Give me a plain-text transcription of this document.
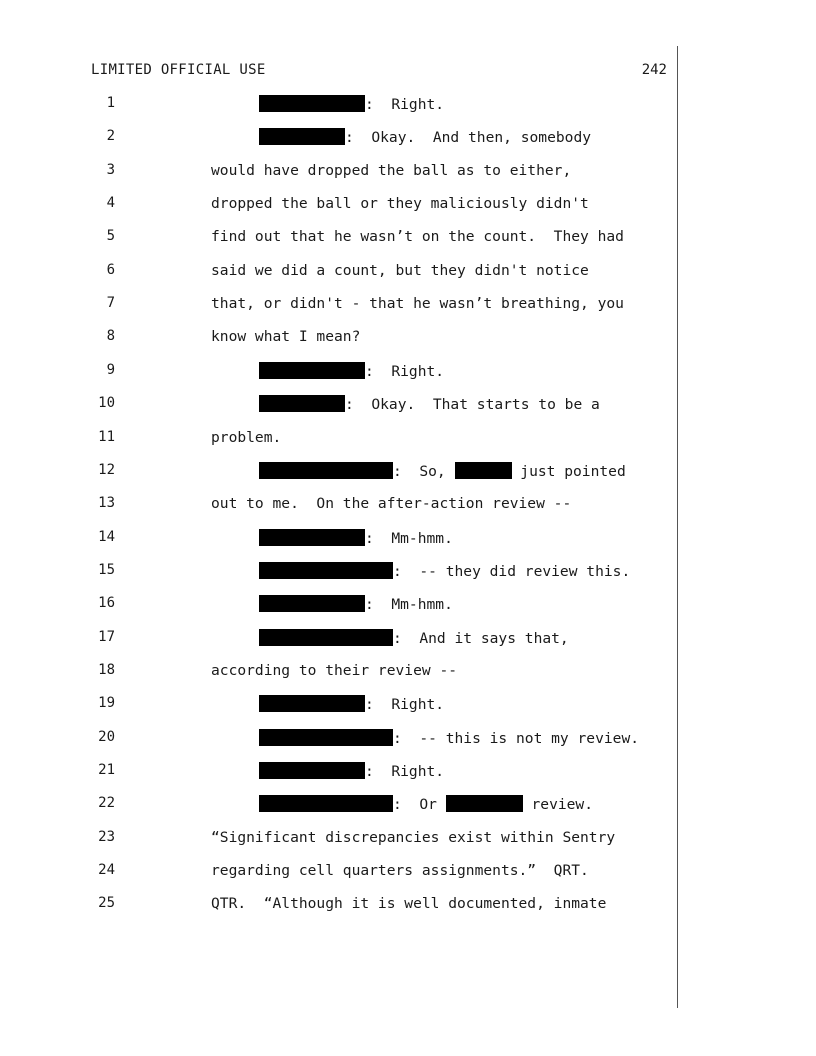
LIMITED OFFICIAL USE	242
1	:  Right.
2	:  Okay.  And then, somebody
3	would have dropped the ball as to either,
4	dropped the ball or they maliciously didn't
5	find out that he wasn’t on the count.  They had
6	said we did a count, but they didn't notice
7	that, or didn't - that he wasn’t breathing, you
8	know what I mean?
9	:  Right.
10	:  Okay.  That starts to be a
11	problem.
12	:  So,	just pointed
13	out to me.  On the after-action review --
14	:  Mm-hmm.
15	:  -- they did review this.
16	:  Mm-hmm.
17	:  And it says that,
18	according to their review --
19	:  Right.
20	:  -- this is not my review.
21	:  Right.
22	:  Or	review.
23	“Significant discrepancies exist within Sentry
24	regarding cell quarters assignments.”  QRT.
25	QTR.  “Although it is well documented, inmate
